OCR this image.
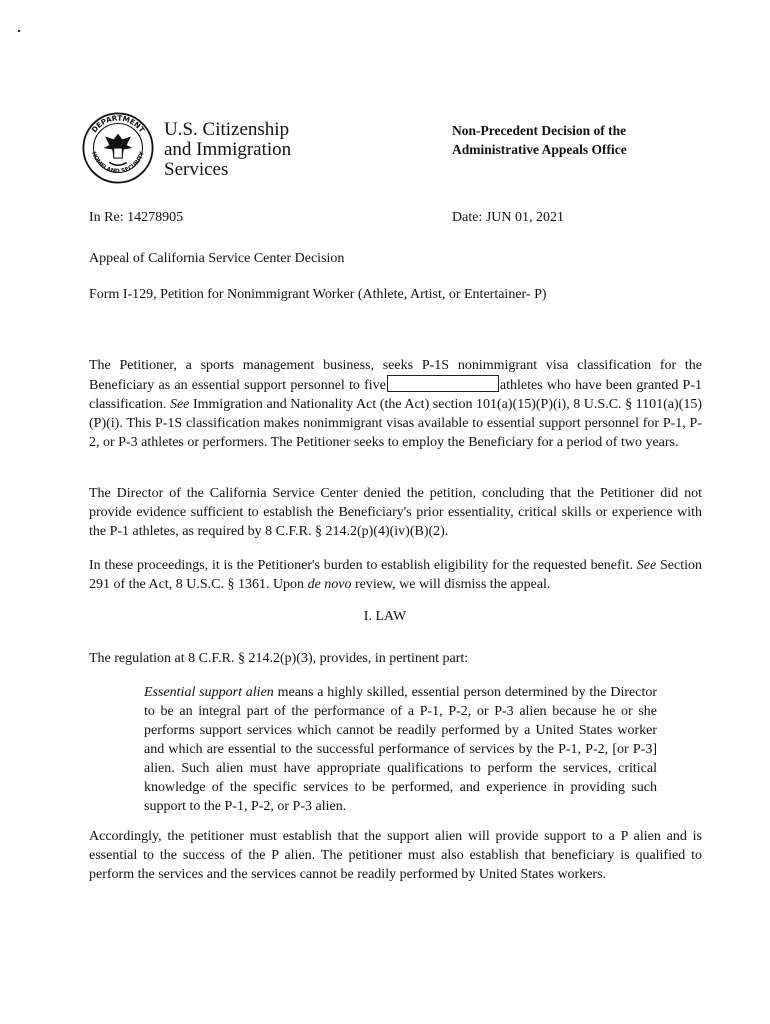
DEPARTMENT
HOMELAND SECURITY
U.S. Citizenship
and Immigration
Services
Non-Precedent Decision of the
Administrative Appeals Office
In Re: 14278905	Date: JUN 01, 2021
Appeal of California Service Center Decision
Form I-129, Petition for Nonimmigrant Worker (Athlete, Artist, or Entertainer- P)
The Petitioner, a sports management business, seeks P-1S nonimmigrant visa classification for the Beneficiary as an essential support personnel to five	athletes who have been granted P-1 classification. See Immigration and Nationality Act (the Act) section 101(a)(15)(P)(i), 8 U.S.C. § 1101(a)(15)(P)(i). This P-1S classification makes nonimmigrant visas available to essential support personnel for P-1, P-2, or P-3 athletes or performers. The Petitioner seeks to employ the Beneficiary for a period of two years.
The Director of the California Service Center denied the petition, concluding that the Petitioner did not provide evidence sufficient to establish the Beneficiary's prior essentiality, critical skills or experience with the P-1 athletes, as required by 8 C.F.R. § 214.2(p)(4)(iv)(B)(2).
In these proceedings, it is the Petitioner's burden to establish eligibility for the requested benefit. See Section 291 of the Act, 8 U.S.C. § 1361. Upon de novo review, we will dismiss the appeal.
I. LAW
The regulation at 8 C.F.R. § 214.2(p)(3), provides, in pertinent part:
Essential support alien means a highly skilled, essential person determined by the Director to be an integral part of the performance of a P-1, P-2, or P-3 alien because he or she performs support services which cannot be readily performed by a United States worker and which are essential to the successful performance of services by the P-1, P-2, [or P-3] alien. Such alien must have appropriate qualifications to perform the services, critical knowledge of the specific services to be performed, and experience in providing such support to the P-1, P-2, or P-3 alien.
Accordingly, the petitioner must establish that the support alien will provide support to a P alien and is essential to the success of the P alien. The petitioner must also establish that beneficiary is qualified to perform the services and the services cannot be readily performed by United States workers.
